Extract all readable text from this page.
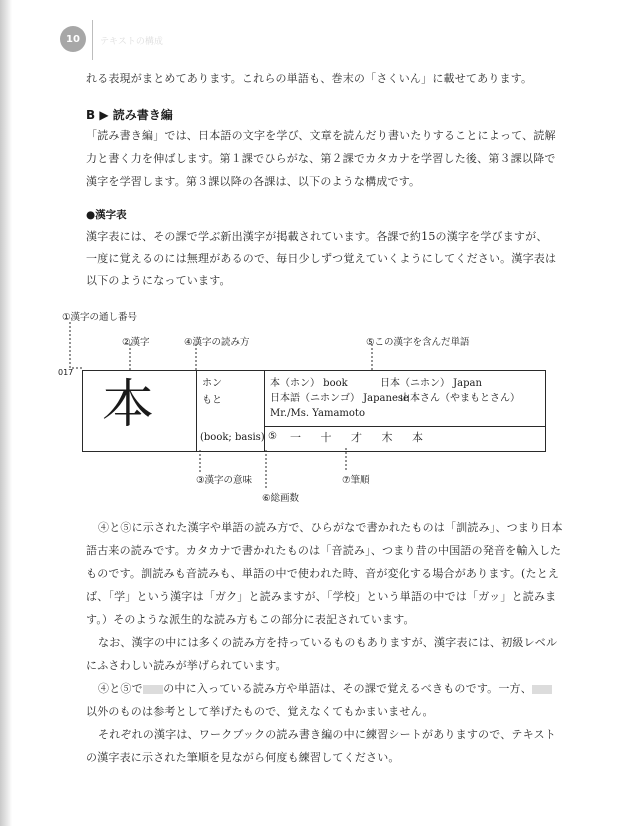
10	テキストの構成
れる表現がまとめてあります。これらの単語も、巻末の「さくいん」に載せてあります。
B ▶ 読み書き編
「読み書き編」では、日本語の文字を学び、文章を読んだり書いたりすることによって、読解
力と書く力を伸ばします。第１課でひらがな、第２課でカタカナを学習した後、第３課以降で
漢字を学習します。第３課以降の各課は、以下のような構成です。
●漢字表
漢字表には、その課で学ぶ新出漢字が掲載されています。各課で約15の漢字を学びますが、
一度に覚えるのには無理があるので、毎日少しずつ覚えていくようにしてください。漢字表は
以下のようになっています。
①漢字の通し番号
②漢字	④漢字の読み方	⑤この漢字を含んだ単語
017
本	ホン
もと
(book; basis)
本（ホン） book	日本（ニホン） Japan
日本語（ニホンゴ） Japanese
山本さん（やまもとさん）
Mr./Ms. Yamamoto
⑤ 一 十 才 木 本
③漢字の意味
⑥総画数
⑦筆順
④と⑤に示された漢字や単語の読み方で、ひらがなで書かれたものは「訓読み」、つまり日本
語古来の読みです。カタカナで書かれたものは「音読み」、つまり昔の中国語の発音を輸入した
ものです。訓読みも音読みも、単語の中で使われた時、音が変化する場合があります。(たとえ
ば、「学」という漢字は「ガク」と読みますが、「学校」という単語の中では「ガッ」と読みま
す。）そのような派生的な読み方もこの部分に表記されています。
なお、漢字の中には多くの読み方を持っているものもありますが、漢字表には、初級レベル
にふさわしい読みが挙げられています。
④と⑤で 灰色 の中に入っている読み方や単語は、その課で覚えるべきものです。一方、 灰色
以外のものは参考として挙げたもので、覚えなくてもかまいません。
それぞれの漢字は、ワークブックの読み書き編の中に練習シートがありますので、テキスト
の漢字表に示された筆順を見ながら何度も練習してください。
